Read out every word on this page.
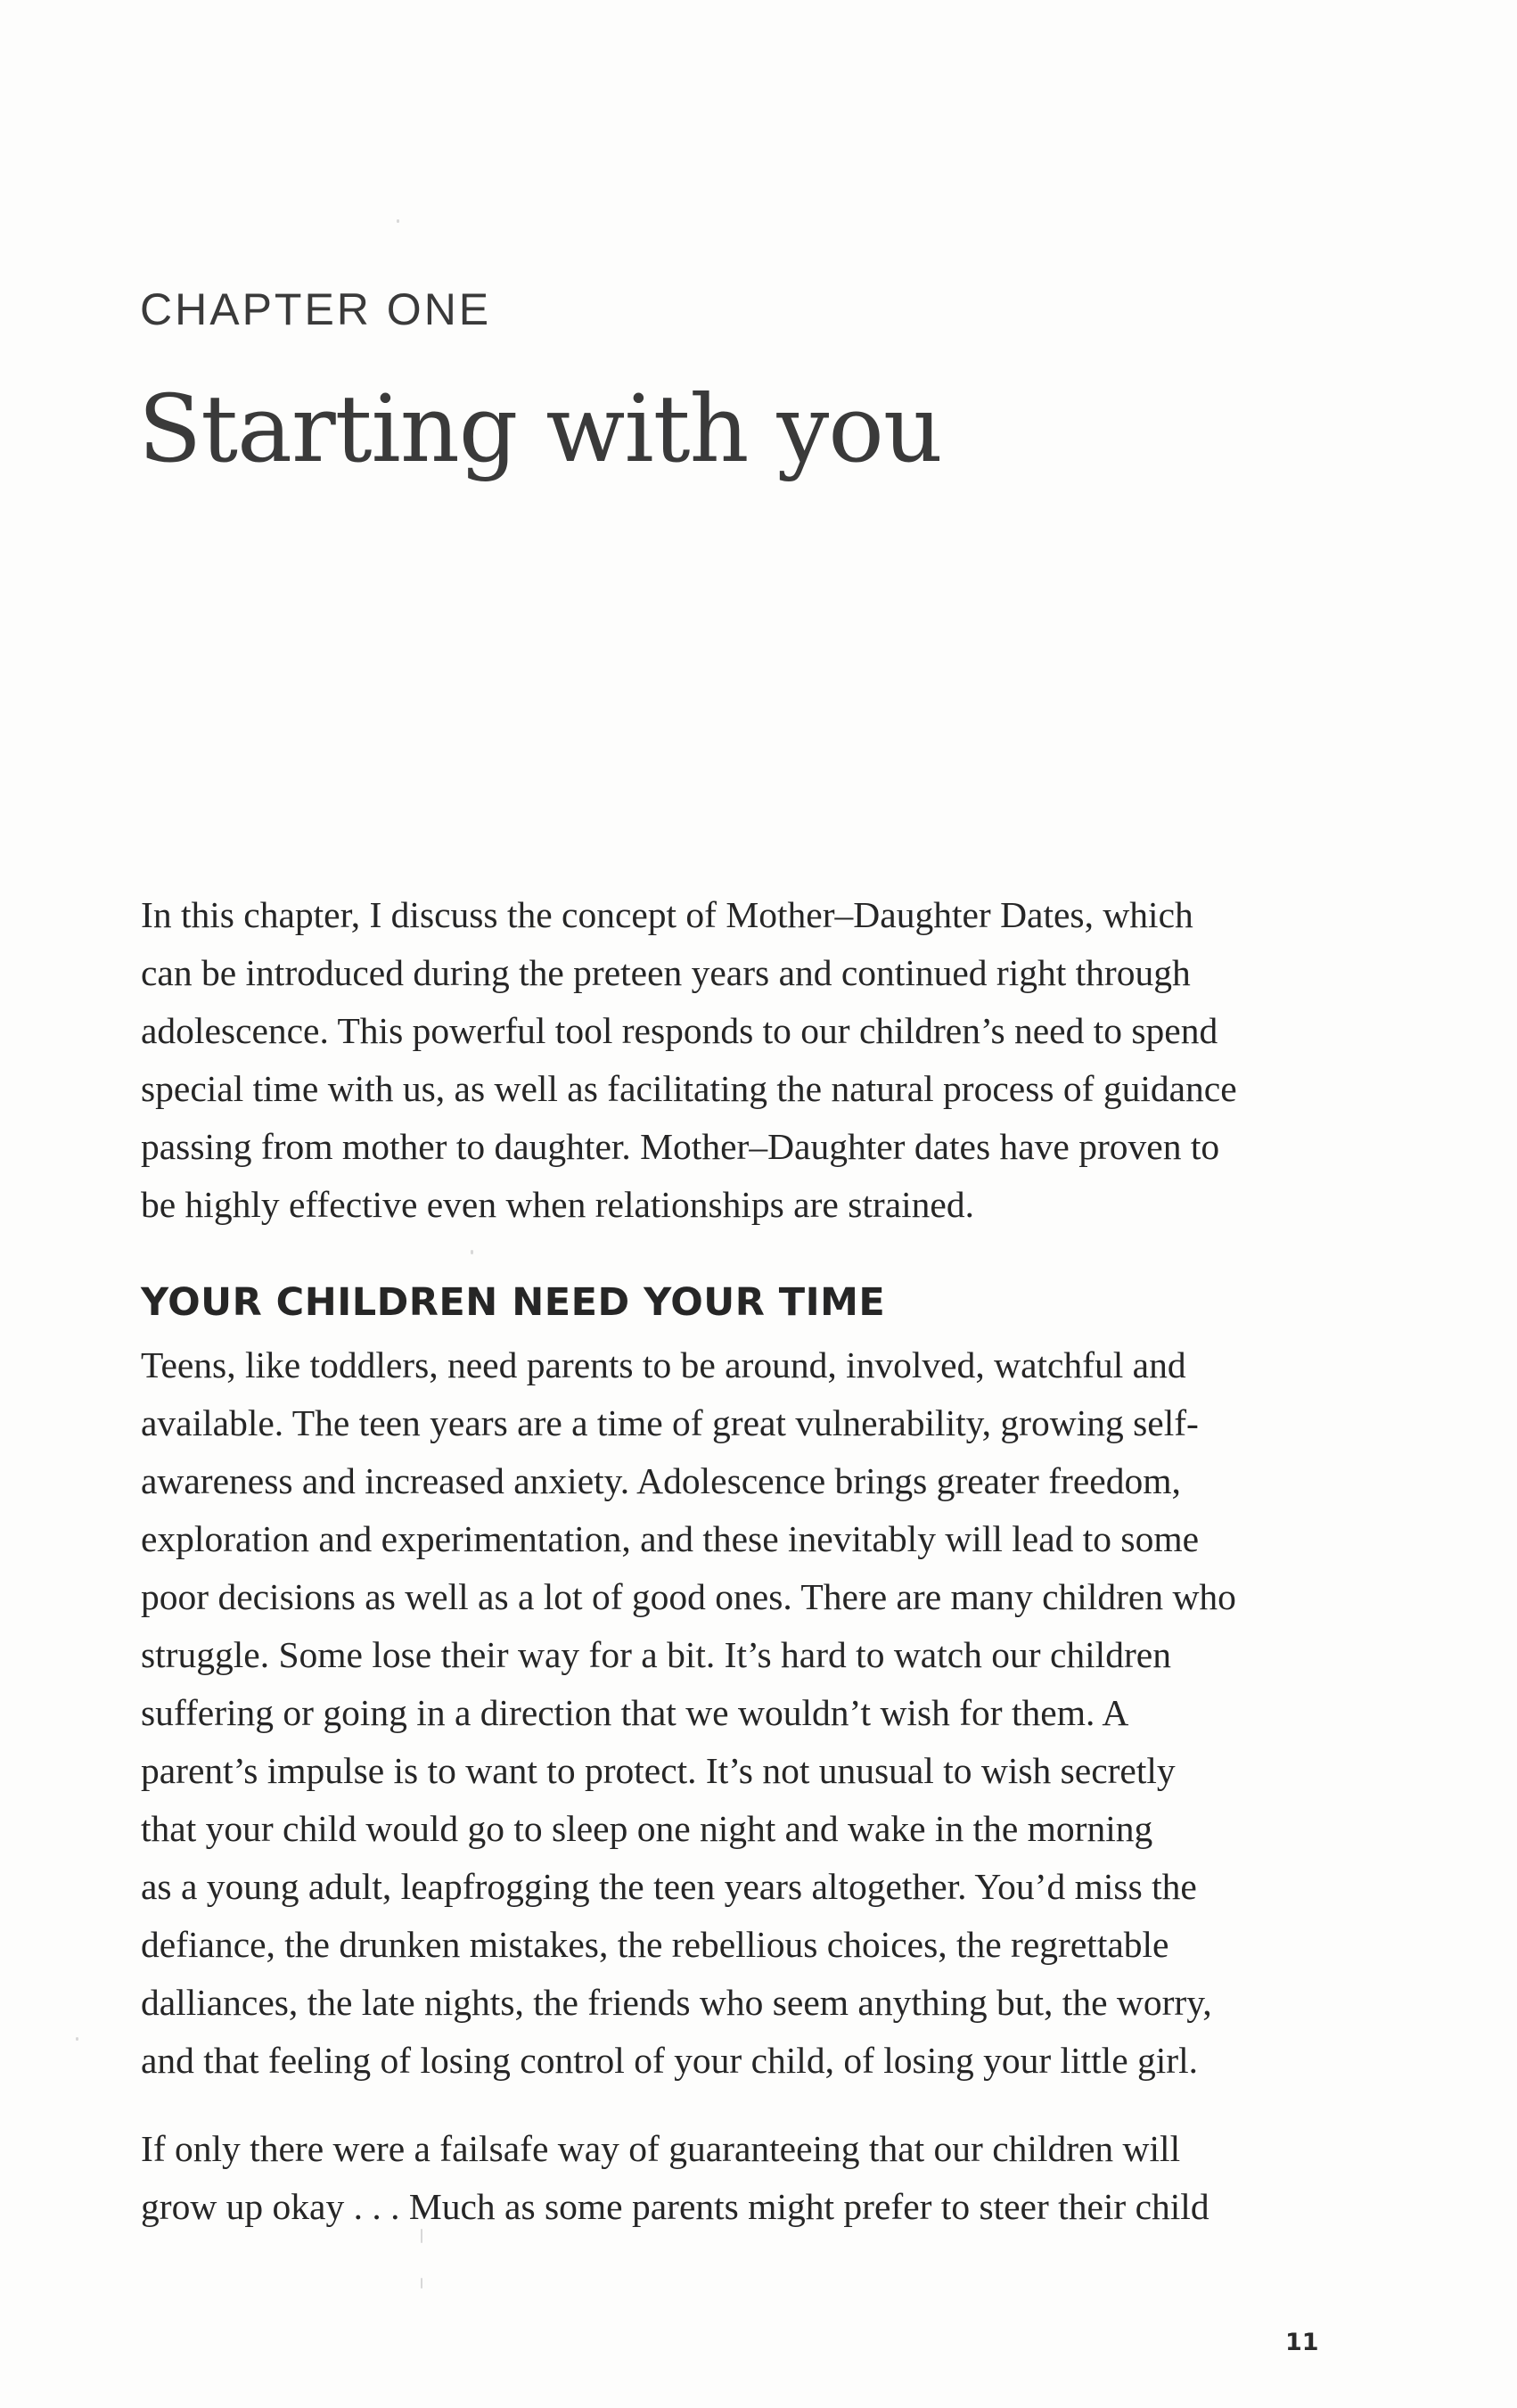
CHAPTER ONE
Starting with you

In this chapter, I discuss the concept of Mother–Daughter Dates, which
can be introduced during the preteen years and continued right through
adolescence. This powerful tool responds to our children’s need to spend
special time with us, as well as facilitating the natural process of guidance
passing from mother to daughter. Mother–Daughter dates have proven to
be highly effective even when relationships are strained.

YOUR CHILDREN NEED YOUR TIME

Teens, like toddlers, need parents to be around, involved, watchful and
available. The teen years are a time of great vulnerability, growing self-
awareness and increased anxiety. Adolescence brings greater freedom,
exploration and experimentation, and these inevitably will lead to some
poor decisions as well as a lot of good ones. There are many children who
struggle. Some lose their way for a bit. It’s hard to watch our children
suffering or going in a direction that we wouldn’t wish for them. A
parent’s impulse is to want to protect. It’s not unusual to wish secretly
that your child would go to sleep one night and wake in the morning
as a young adult, leapfrogging the teen years altogether. You’d miss the
defiance, the drunken mistakes, the rebellious choices, the regrettable
dalliances, the late nights, the friends who seem anything but, the worry,
and that feeling of losing control of your child, of losing your little girl.

If only there were a failsafe way of guaranteeing that our children will
grow up okay . . . Much as some parents might prefer to steer their child

11
